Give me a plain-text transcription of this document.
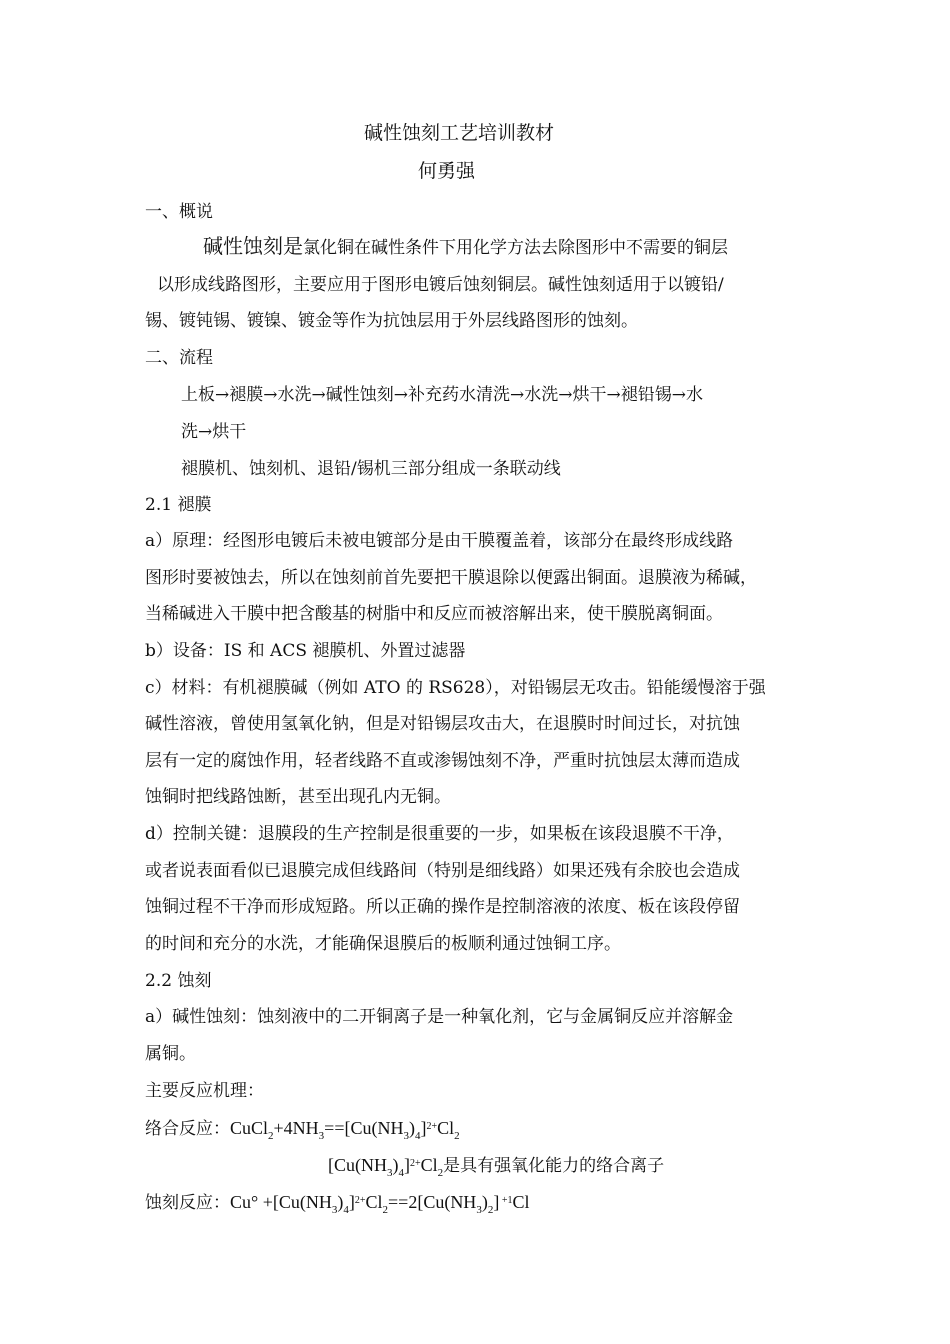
碱性蚀刻工艺培训教材
何勇强
一、概说
碱性蚀刻是氯化铜在碱性条件下用化学方法去除图形中不需要的铜层
以形成线路图形，主要应用于图形电镀后蚀刻铜层。碱性蚀刻适用于以镀铅/
锡、镀钝锡、镀镍、镀金等作为抗蚀层用于外层线路图形的蚀刻。
二、流程
上板→褪膜→水洗→碱性蚀刻→补充药水清洗→水洗→烘干→褪铅锡→水
洗→烘干
褪膜机、蚀刻机、退铅/锡机三部分组成一条联动线
2.1 褪膜
a）原理：经图形电镀后未被电镀部分是由干膜覆盖着，该部分在最终形成线路
图形时要被蚀去，所以在蚀刻前首先要把干膜退除以便露出铜面。退膜液为稀碱，
当稀碱进入干膜中把含酸基的树脂中和反应而被溶解出来，使干膜脱离铜面。
b）设备：IS 和 ACS 褪膜机、外置过滤器
c）材料：有机褪膜碱（例如 ATO 的 RS628），对铅锡层无攻击。铅能缓慢溶于强
碱性溶液，曾使用氢氧化钠，但是对铅锡层攻击大，在退膜时时间过长，对抗蚀
层有一定的腐蚀作用，轻者线路不直或渗锡蚀刻不净，严重时抗蚀层太薄而造成
蚀铜时把线路蚀断，甚至出现孔内无铜。
d）控制关键：退膜段的生产控制是很重要的一步，如果板在该段退膜不干净，
或者说表面看似已退膜完成但线路间（特别是细线路）如果还残有余胶也会造成
蚀铜过程不干净而形成短路。所以正确的操作是控制溶液的浓度、板在该段停留
的时间和充分的水洗，才能确保退膜后的板顺利通过蚀铜工序。
2.2 蚀刻
a）碱性蚀刻：蚀刻液中的二开铜离子是一种氧化剂，它与金属铜反应并溶解金
属铜。
主要反应机理：
络合反应：$CuCl_2+4NH_3==[Cu(NH_3)_4]^{2+}Cl_2$
$[Cu(NH_3)_4]^{2+}Cl_2$是具有强氧化能力的络合离子
蚀刻反应：$Cu^\circ +[Cu(NH_3)_4]^{2+}Cl_2==2[Cu(NH_3)_2]$ $^{+1}$Cl
